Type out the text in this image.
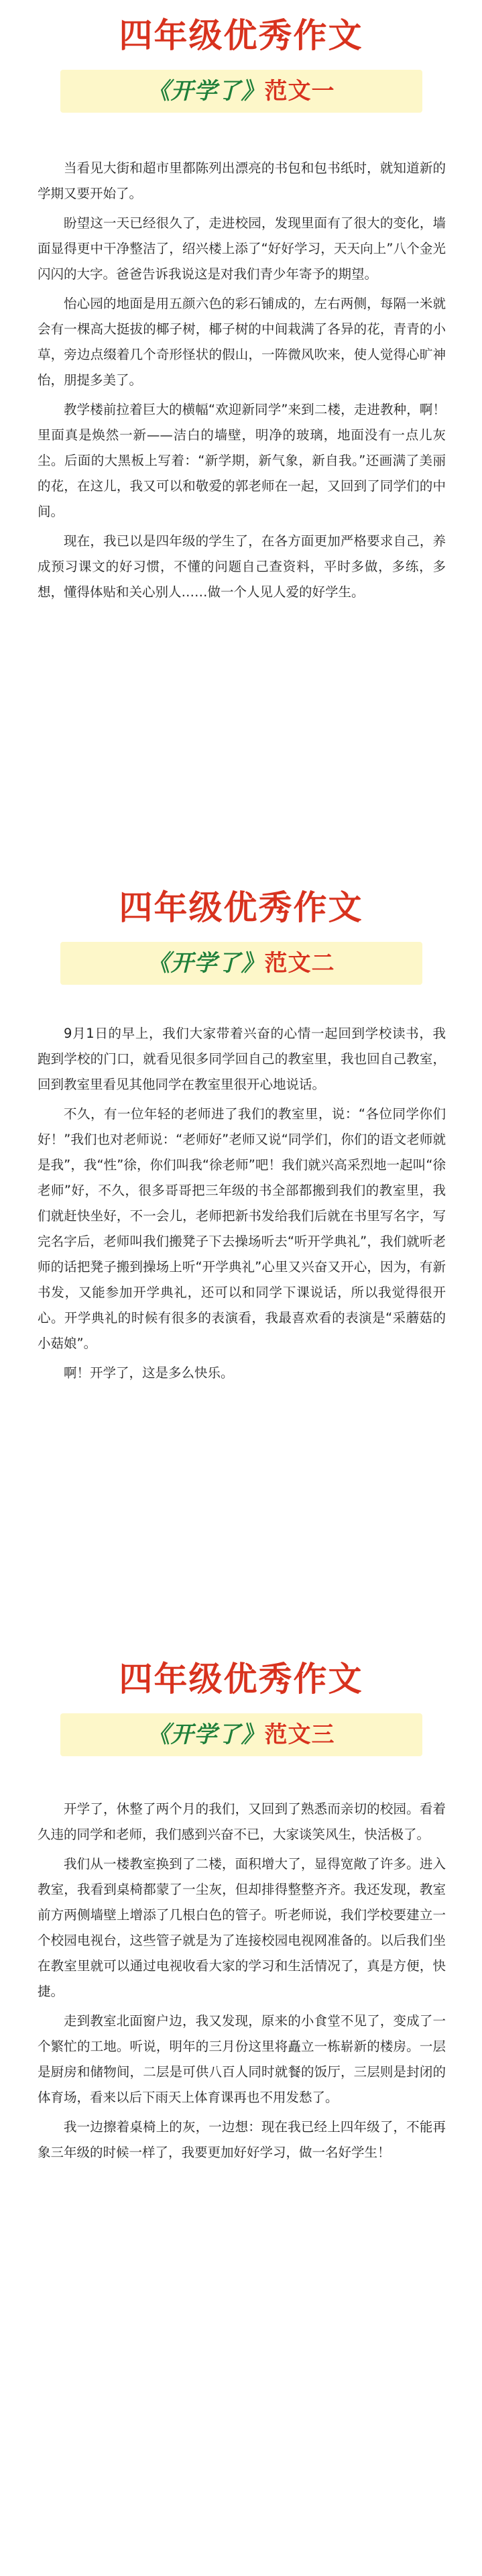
四年级优秀作文
《开学了》 范文一

当看见大街和超市里都陈列出漂亮的书包和包书纸时，就知道新的学期又要开始了。

盼望这一天已经很久了，走进校园，发现里面有了很大的变化，墙面显得更中干净整洁了，绍兴楼上添了“好好学习，天天向上”八个金光闪闪的大字。爸爸告诉我说这是对我们青少年寄予的期望。

怡心园的地面是用五颜六色的彩石铺成的，左右两侧，每隔一米就会有一棵高大挺拔的椰子树，椰子树的中间栽满了各异的花，青青的小草，旁边点缀着几个奇形怪状的假山，一阵微风吹来，使人觉得心旷神怡，朋提多美了。

教学楼前拉着巨大的横幅“欢迎新同学”来到二楼，走进教种，啊！里面真是焕然一新——洁白的墙壁，明净的玻璃，地面没有一点儿灰尘。后面的大黑板上写着：“新学期，新气象，新自我。”还画满了美丽的花，在这儿，我又可以和敬爱的郭老师在一起，又回到了同学们的中间。

现在，我已以是四年级的学生了，在各方面更加严格要求自己，养成预习课文的好习惯，不懂的问题自己查资料，平时多做，多练，多想，懂得体贴和关心别人……做一个人见人爱的好学生。

四年级优秀作文
《开学了》 范文二

9月1日的早上，我们大家带着兴奋的心情一起回到学校读书，我跑到学校的门口，就看见很多同学回自己的教室里，我也回自己教室，回到教室里看见其他同学在教室里很开心地说话。

不久，有一位年轻的老师进了我们的教室里，说：“各位同学你们好！”我们也对老师说：“老师好”老师又说“同学们，你们的语文老师就是我”，我“性”徐，你们叫我“徐老师”吧！我们就兴高采烈地一起叫“徐老师”好，不久，很多哥哥把三年级的书全部都搬到我们的教室里，我们就赶快坐好，不一会儿，老师把新书发给我们后就在书里写名字，写完名字后，老师叫我们搬凳子下去操场听去“听开学典礼”，我们就听老师的话把凳子搬到操场上听“开学典礼”心里又兴奋又开心，因为，有新书发，又能参加开学典礼，还可以和同学下课说话，所以我觉得很开心。开学典礼的时候有很多的表演看，我最喜欢看的表演是“采蘑菇的小菇娘”。

啊！开学了，这是多么快乐。

四年级优秀作文
《开学了》 范文三

开学了，休整了两个月的我们，又回到了熟悉而亲切的校园。看着久违的同学和老师，我们感到兴奋不已，大家谈笑风生，快活极了。

我们从一楼教室换到了二楼，面积增大了，显得宽敞了许多。进入教室，我看到桌椅都蒙了一尘灰，但却排得整整齐齐。我还发现，教室前方两侧墙壁上增添了几根白色的管子。听老师说，我们学校要建立一个校园电视台，这些管子就是为了连接校园电视网准备的。以后我们坐在教室里就可以通过电视收看大家的学习和生活情况了，真是方便，快捷。

走到教室北面窗户边，我又发现，原来的小食堂不见了，变成了一个繁忙的工地。听说，明年的三月份这里将矗立一栋崭新的楼房。一层是厨房和储物间，二层是可供八百人同时就餐的饭厅，三层则是封闭的体育场，看来以后下雨天上体育课再也不用发愁了。

我一边擦着桌椅上的灰，一边想：现在我已经上四年级了，不能再象三年级的时候一样了，我要更加好好学习，做一名好学生！
